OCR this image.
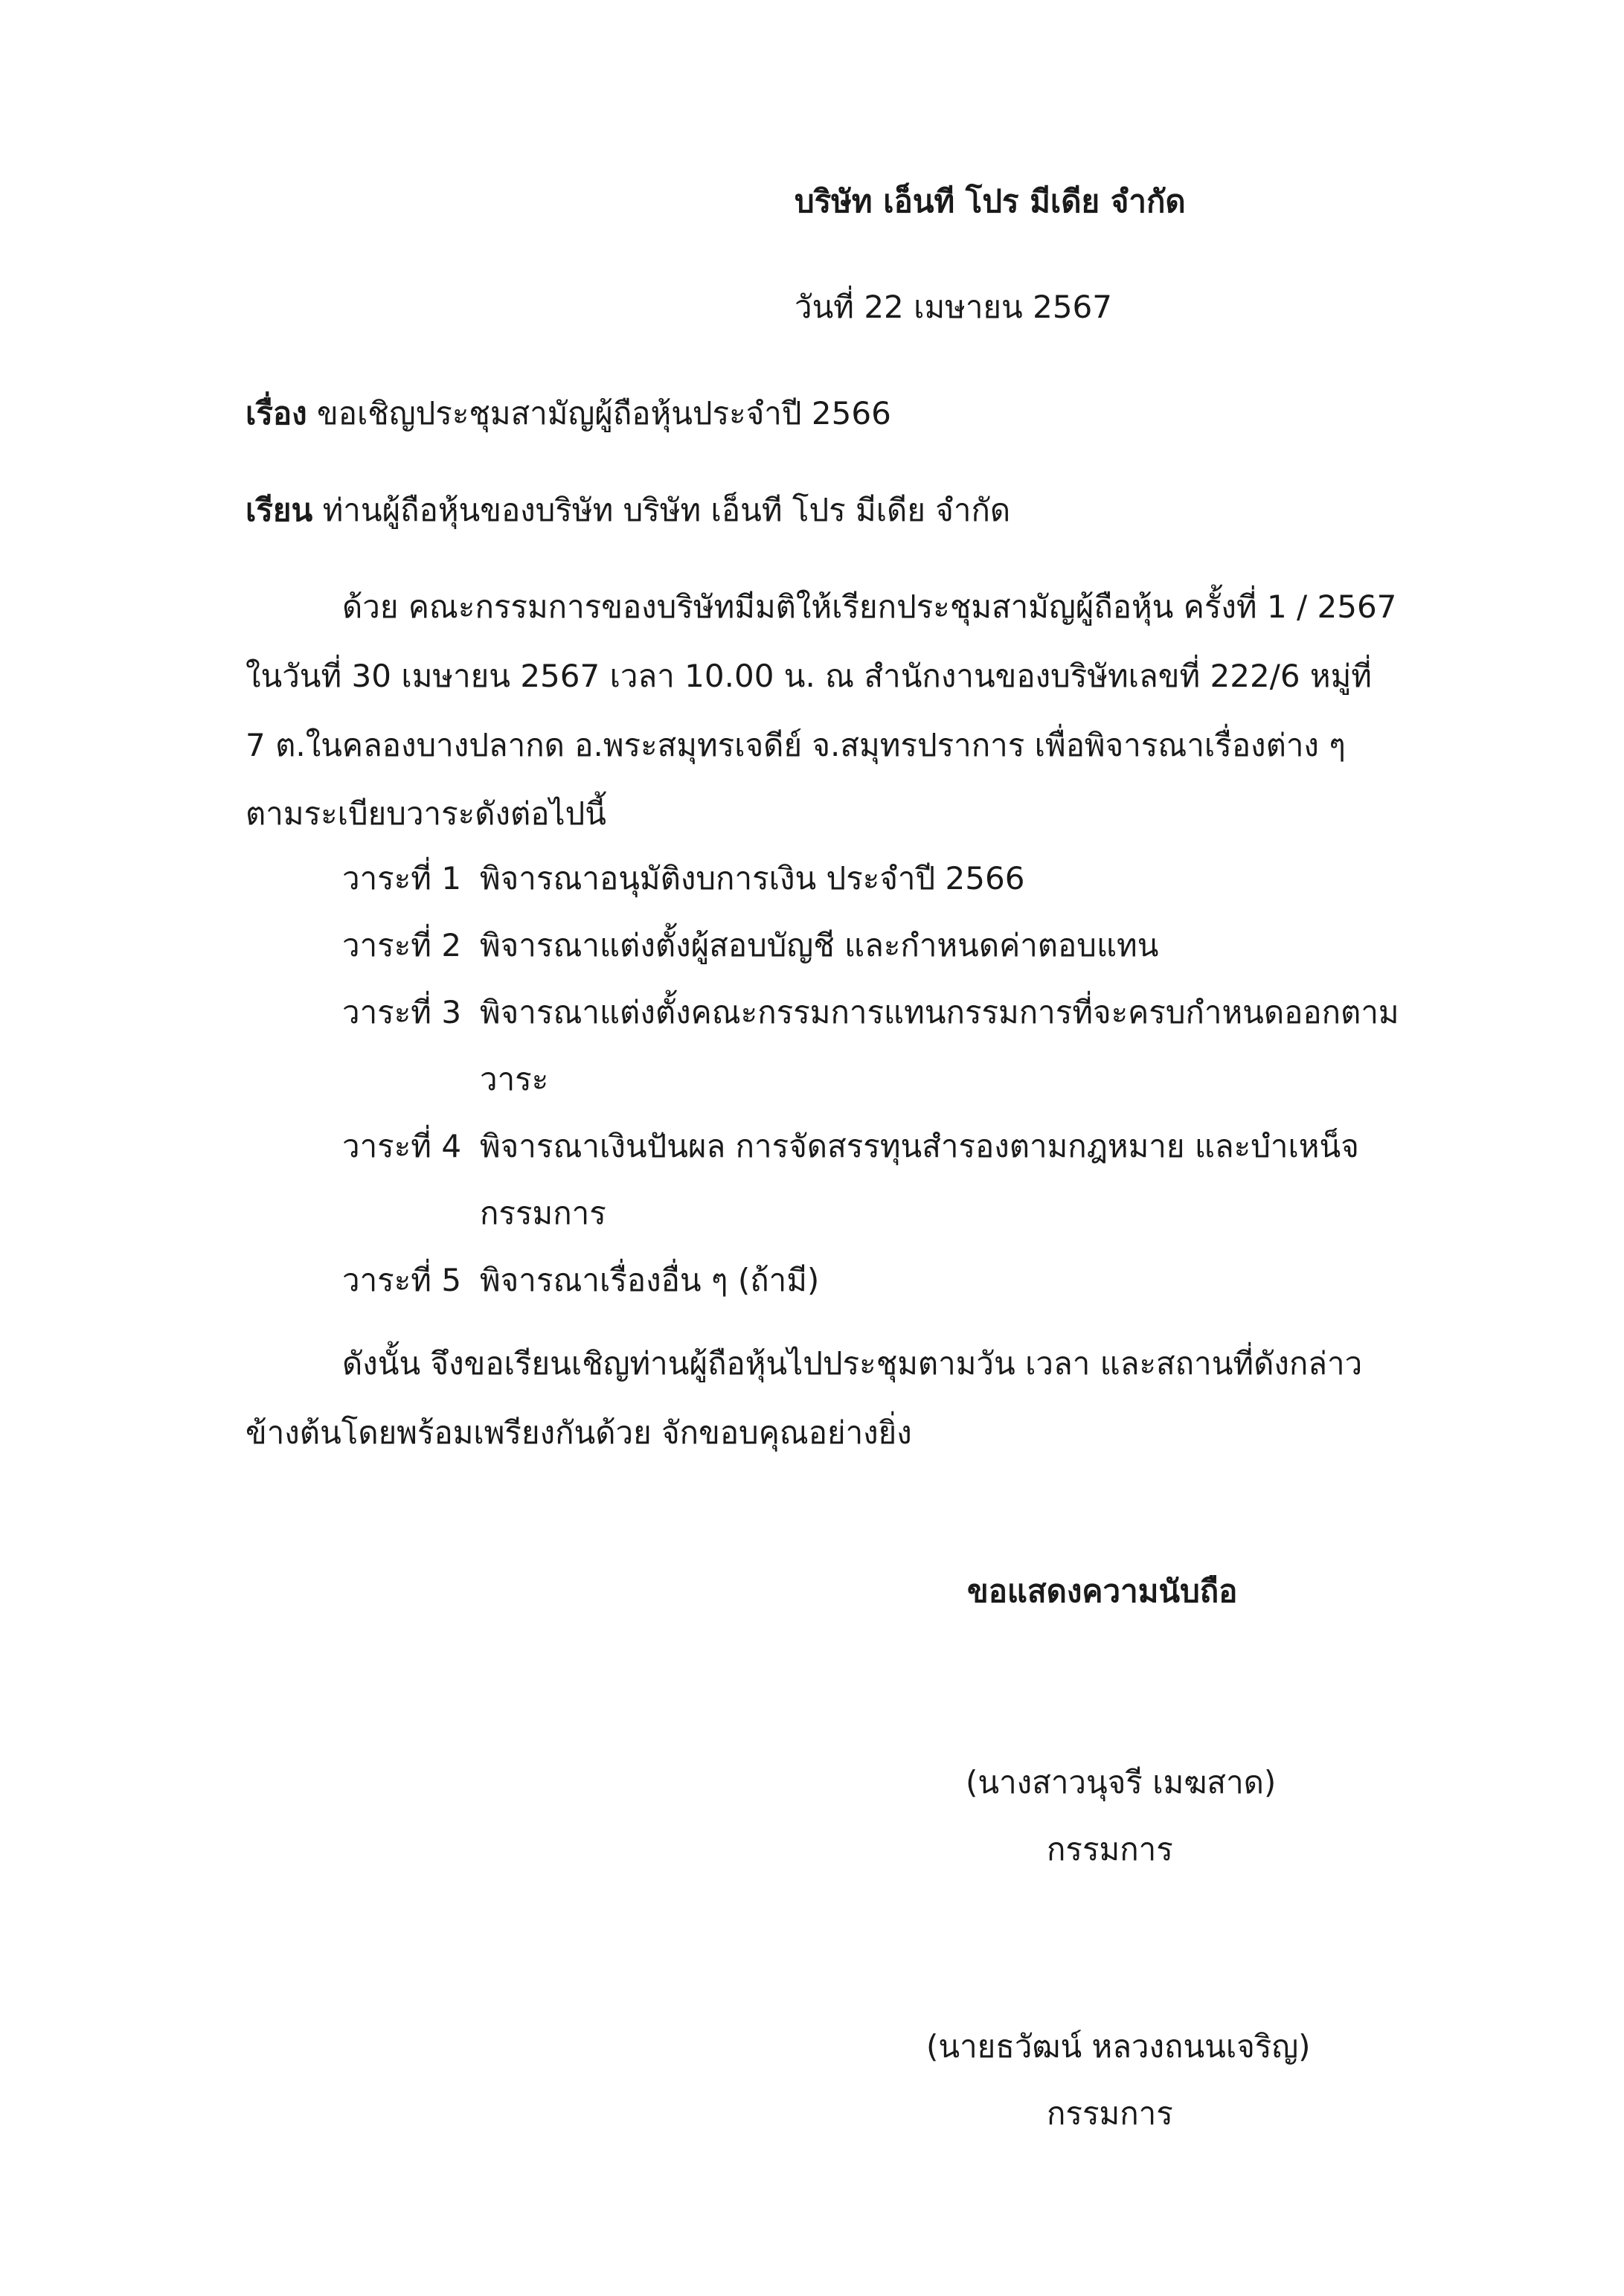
บริษัท เอ็นที โปร มีเดีย จำกัด
วันที่ 22 เมษายน 2567
เรื่อง ขอเชิญประชุมสามัญผู้ถือหุ้นประจำปี 2566
เรียน ท่านผู้ถือหุ้นของบริษัท บริษัท เอ็นที โปร มีเดีย จำกัด
ด้วย คณะกรรมการของบริษัทมีมติให้เรียกประชุมสามัญผู้ถือหุ้น ครั้งที่ 1 / 2567
ในวันที่ 30 เมษายน 2567 เวลา 10.00 น. ณ สำนักงานของบริษัทเลขที่ 222/6 หมู่ที่
7 ต.ในคลองบางปลากด อ.พระสมุทรเจดีย์ จ.สมุทรปราการ เพื่อพิจารณาเรื่องต่าง ๆ
ตามระเบียบวาระดังต่อไปนี้
วาระที่ 1 พิจารณาอนุมัติงบการเงิน ประจำปี 2566
วาระที่ 2 พิจารณาแต่งตั้งผู้สอบบัญชี และกำหนดค่าตอบแทน
วาระที่ 3 พิจารณาแต่งตั้งคณะกรรมการแทนกรรมการที่จะครบกำหนดออกตาม
วาระ
วาระที่ 4 พิจารณาเงินปันผล การจัดสรรทุนสำรองตามกฎหมาย และบำเหน็จ
กรรมการ
วาระที่ 5 พิจารณาเรื่องอื่น ๆ (ถ้ามี)
ดังนั้น จึงขอเรียนเชิญท่านผู้ถือหุ้นไปประชุมตามวัน เวลา และสถานที่ดังกล่าว
ข้างต้นโดยพร้อมเพรียงกันด้วย จักขอบคุณอย่างยิ่ง
ขอแสดงความนับถือ
(นางสาวนุจรี เมฆสาด)
กรรมการ
(นายธวัฒน์ หลวงถนนเจริญ)
กรรมการ
